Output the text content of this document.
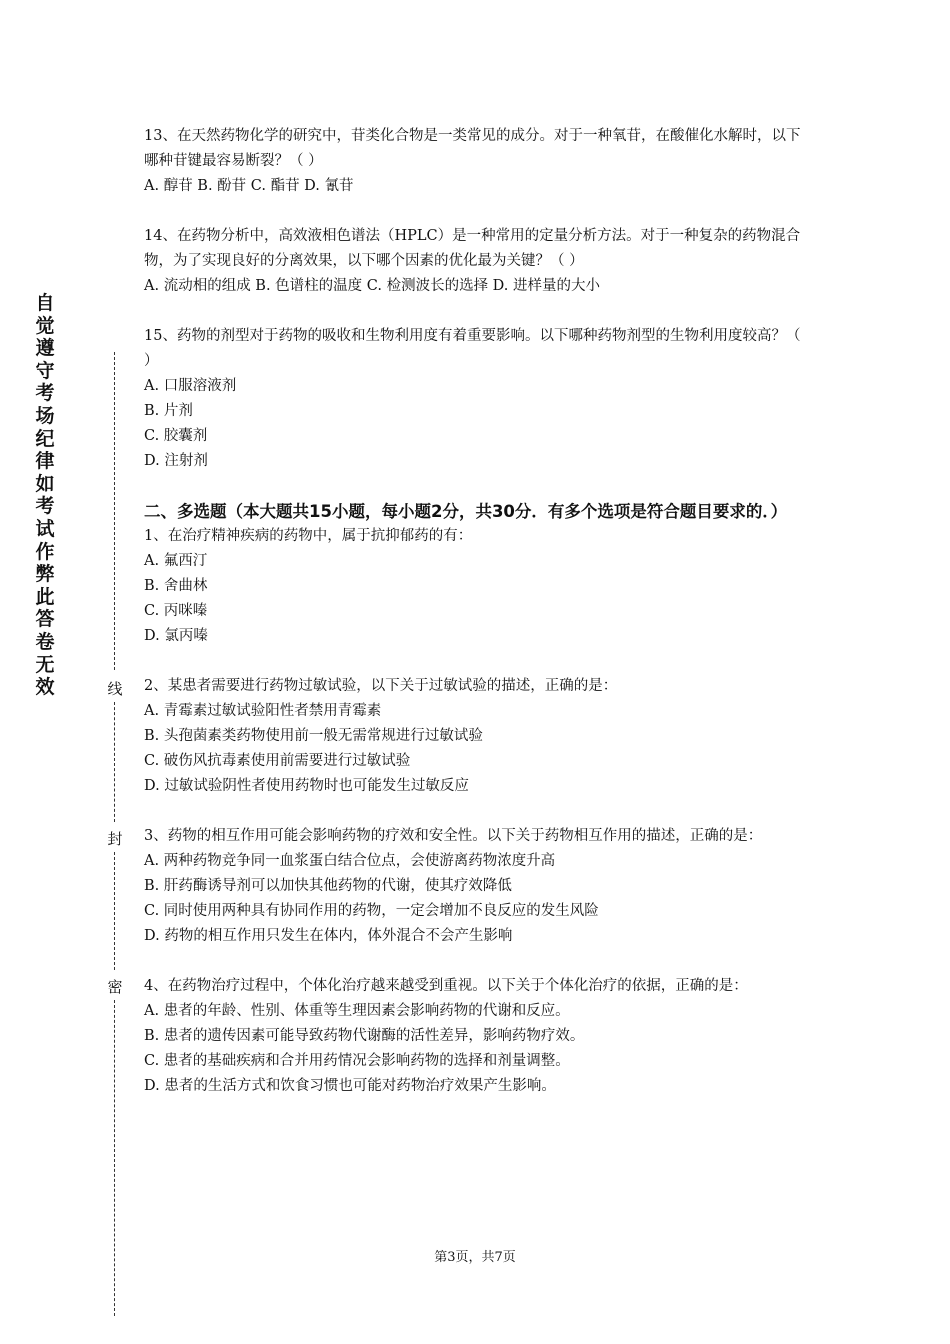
自觉遵守考场纪律如考试作弊此答卷无效	线
封
密

13、在天然药物化学的研究中，苷类化合物是一类常见的成分。对于一种氧苷，在酸催化水解时，以下哪种苷键最容易断裂？（ ）

A. 醇苷 B. 酚苷 C. 酯苷 D. 氰苷

14、在药物分析中，高效液相色谱法（HPLC）是一种常用的定量分析方法。对于一种复杂的药物混合物，为了实现良好的分离效果，以下哪个因素的优化最为关键？（ ）

A. 流动相的组成 B. 色谱柱的温度 C. 检测波长的选择 D. 进样量的大小

15、药物的剂型对于药物的吸收和生物利用度有着重要影响。以下哪种药物剂型的生物利用度较高？（ ）

A. 口服溶液剂
B. 片剂
C. 胶囊剂
D. 注射剂

二、多选题（本大题共15小题，每小题2分，共30分．有多个选项是符合题目要求的．）

1、在治疗精神疾病的药物中，属于抗抑郁药的有：

A. 氟西汀
B. 舍曲林
C. 丙咪嗪
D. 氯丙嗪

2、某患者需要进行药物过敏试验，以下关于过敏试验的描述，正确的是：

A. 青霉素过敏试验阳性者禁用青霉素
B. 头孢菌素类药物使用前一般无需常规进行过敏试验
C. 破伤风抗毒素使用前需要进行过敏试验
D. 过敏试验阴性者使用药物时也可能发生过敏反应

3、药物的相互作用可能会影响药物的疗效和安全性。以下关于药物相互作用的描述，正确的是：

A. 两种药物竞争同一血浆蛋白结合位点，会使游离药物浓度升高
B. 肝药酶诱导剂可以加快其他药物的代谢，使其疗效降低
C. 同时使用两种具有协同作用的药物，一定会增加不良反应的发生风险
D. 药物的相互作用只发生在体内，体外混合不会产生影响

4、在药物治疗过程中，个体化治疗越来越受到重视。以下关于个体化治疗的依据，正确的是：

A. 患者的年龄、性别、体重等生理因素会影响药物的代谢和反应。
B. 患者的遗传因素可能导致药物代谢酶的活性差异，影响药物疗效。
C. 患者的基础疾病和合并用药情况会影响药物的选择和剂量调整。
D. 患者的生活方式和饮食习惯也可能对药物治疗效果产生影响。
第3页，共7页
